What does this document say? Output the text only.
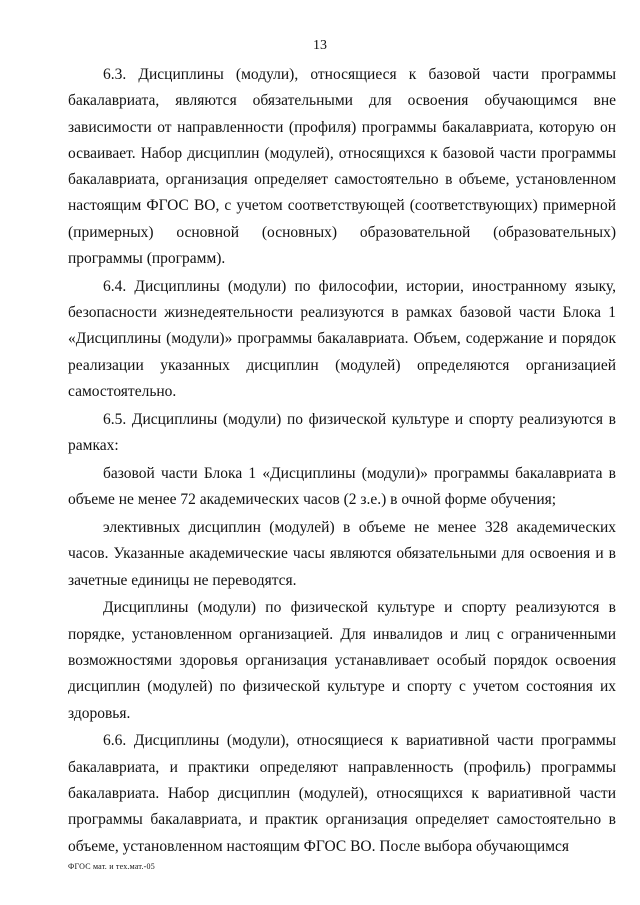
13

6.3. Дисциплины (модули), относящиеся к базовой части программы бакалавриата, являются обязательными для освоения обучающимся вне зависимости от направленности (профиля) программы бакалавриата, которую он осваивает. Набор дисциплин (модулей), относящихся к базовой части программы бакалавриата, организация определяет самостоятельно в объеме, установленном настоящим ФГОС ВО, с учетом соответствующей (соответствующих) примерной (примерных) основной (основных) образовательной (образовательных) программы (программ).

6.4. Дисциплины (модули) по философии, истории, иностранному языку, безопасности жизнедеятельности реализуются в рамках базовой части Блока 1 «Дисциплины (модули)» программы бакалавриата. Объем, содержание и порядок реализации указанных дисциплин (модулей) определяются организацией самостоятельно.

6.5. Дисциплины (модули) по физической культуре и спорту реализуются в рамках:

базовой части Блока 1 «Дисциплины (модули)» программы бакалавриата в объеме не менее 72 академических часов (2 з.е.) в очной форме обучения;

элективных дисциплин (модулей) в объеме не менее 328 академических часов. Указанные академические часы являются обязательными для освоения и в зачетные единицы не переводятся.

Дисциплины (модули) по физической культуре и спорту реализуются в порядке, установленном организацией. Для инвалидов и лиц с ограниченными возможностями здоровья организация устанавливает особый порядок освоения дисциплин (модулей) по физической культуре и спорту с учетом состояния их здоровья.

6.6. Дисциплины (модули), относящиеся к вариативной части программы бакалавриата, и практики определяют направленность (профиль) программы бакалавриата. Набор дисциплин (модулей), относящихся к вариативной части программы бакалавриата, и практик организация определяет самостоятельно в объеме, установленном настоящим ФГОС ВО. После выбора обучающимся

ФГОС мат. и тех.мат.-05
